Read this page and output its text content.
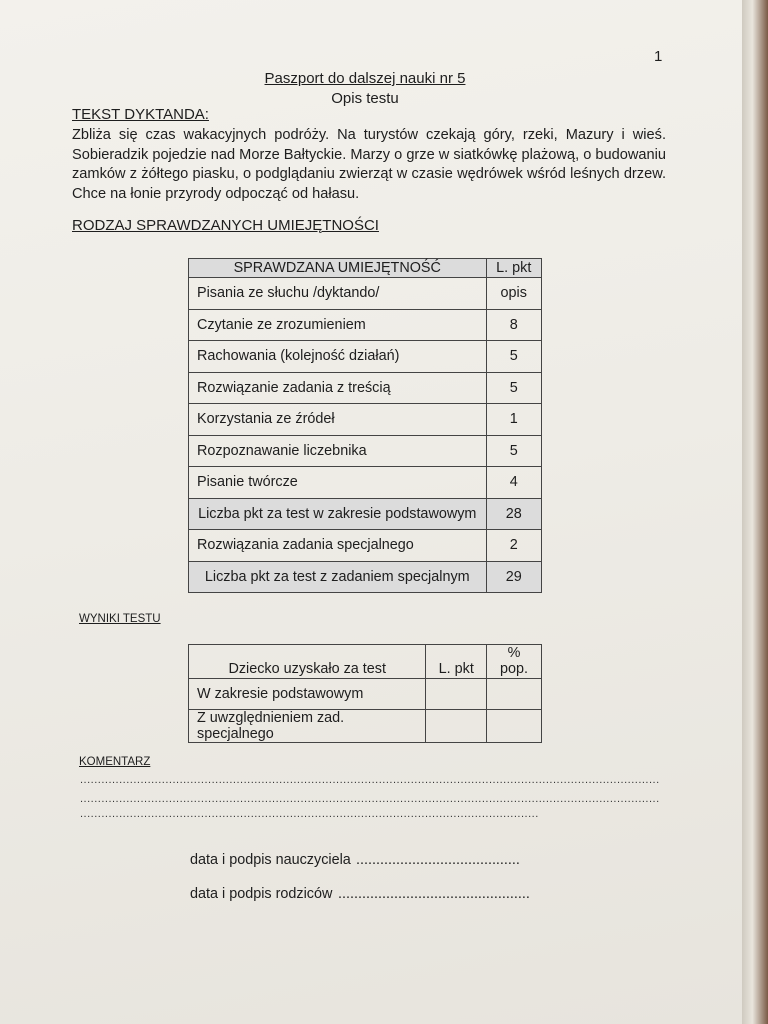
1
Paszport do dalszej nauki nr 5
Opis testu
TEKST DYKTANDA:
Zbliża się czas wakacyjnych podróży. Na turystów czekają góry, rzeki, Mazury i wieś. Sobieradzik pojedzie nad Morze Bałtyckie. Marzy o grze w siatkówkę plażową, o budowaniu zamków z żółtego piasku, o podglądaniu zwierząt w czasie wędrówek wśród leśnych drzew. Chce na łonie przyrody odpocząć od hałasu.
RODZAJ SPRAWDZANYCH UMIEJĘTNOŚCI
SPRAWDZANA UMIEJĘTNOŚĆ	L. pkt
Pisania ze słuchu /dyktando/	opis
Czytanie ze zrozumieniem	8
Rachowania (kolejność działań)	5
Rozwiązanie zadania z treścią	5
Korzystania ze źródeł	1
Rozpoznawanie liczebnika	5
Pisanie twórcze	4
Liczba pkt za test w zakresie podstawowym	28
Rozwiązania zadania specjalnego	2
Liczba pkt za test z zadaniem specjalnym	29
WYNIKI TESTU
Dziecko uzyskało za test	L. pkt	% pop.
W zakresie podstawowym		
Z uwzględnieniem zad. specjalnego		
KOMENTARZ
...................................................................................................................................................................
...................................................................................................................................................................
.................................................................................................................................
data i podpis nauczyciela .........................................
data i podpis rodziców ................................................
